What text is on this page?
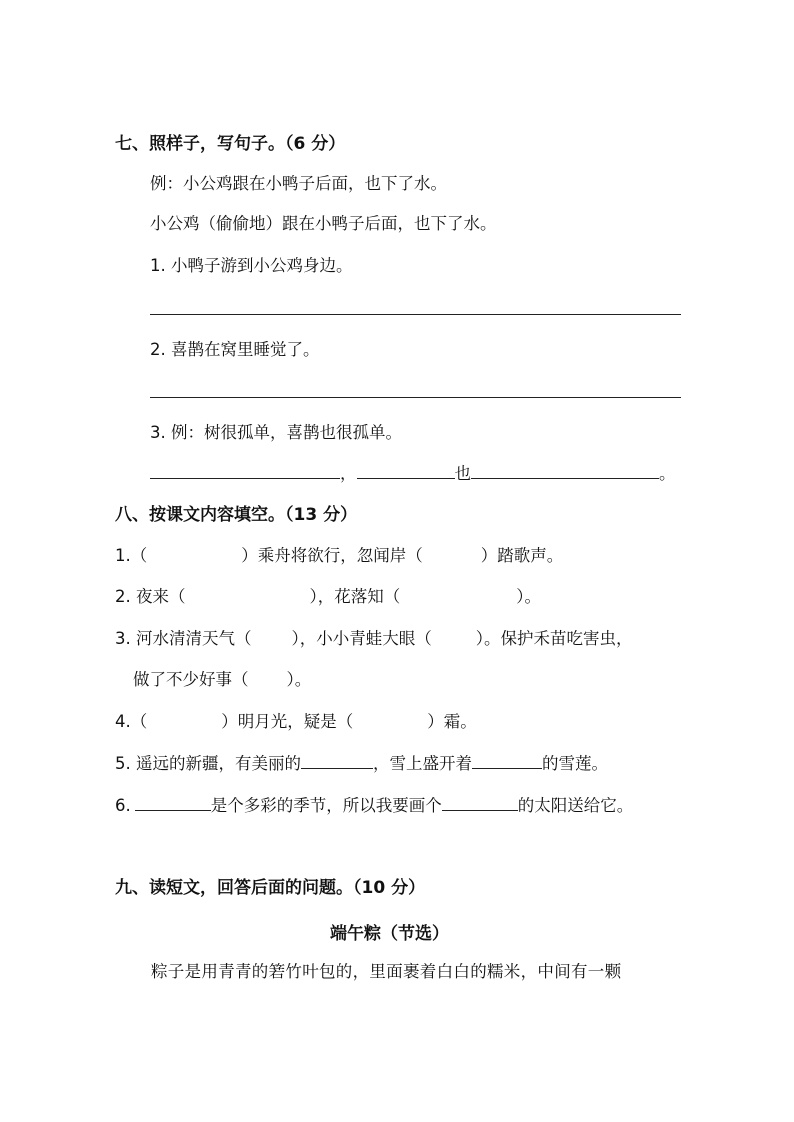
七、照样子，写句子。（6 分）
例：小公鸡跟在小鸭子后面，也下了水。
小公鸡（偷偷地）跟在小鸭子后面，也下了水。
1. 小鸭子游到小公鸡身边。
2. 喜鹊在窝里睡觉了。
3. 例：树很孤单，喜鹊也很孤单。
，	也	。
八、按课文内容填空。（13 分）
1.（	）乘舟将欲行，忽闻岸（	）踏歌声。
2. 夜来（	），花落知（	）。
3. 河水清清天气（ ），小小青蛙大眼（	）。保护禾苗吃害虫，
做了不少好事（ ）。
4.（	）明月光，疑是（	）霜。
5. 遥远的新疆，有美丽的	，雪上盛开着	的雪莲。
6.	是个多彩的季节，所以我要画个	的太阳送给它。
九、读短文，回答后面的问题。（10 分）
端午粽（节选）
粽子是用青青的箬竹叶包的，里面裹着白白的糯米，中间有一颗
